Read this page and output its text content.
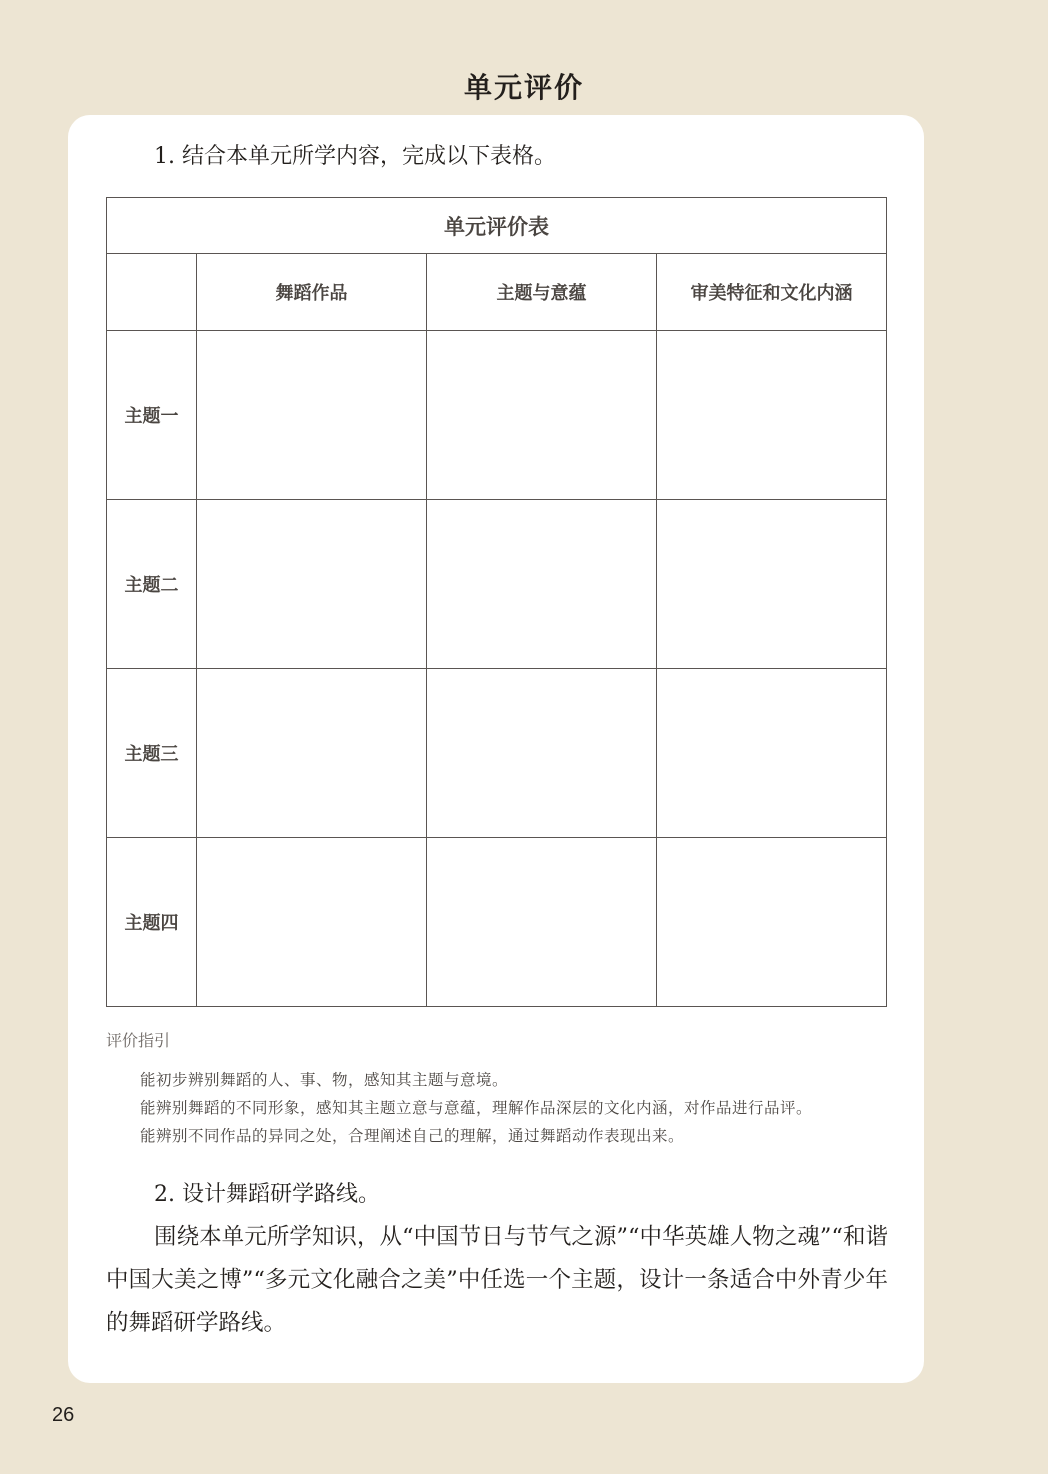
单元评价
1. 结合本单元所学内容，完成以下表格。
单元评价表			
	舞蹈作品	主题与意蕴	审美特征和文化内涵
主题一			
主题二			
主题三			
主题四			
评价指引
能初步辨别舞蹈的人、事、物，感知其主题与意境。
能辨别舞蹈的不同形象，感知其主题立意与意蕴，理解作品深层的文化内涵，对作品进行品评。
能辨别不同作品的异同之处，合理阐述自己的理解，通过舞蹈动作表现出来。
2. 设计舞蹈研学路线。
围绕本单元所学知识，从“中国节日与节气之源”“中华英雄人物之魂”“和谐中国大美之博”“多元文化融合之美”中任选一个主题，设计一条适合中外青少年的舞蹈研学路线。
26
